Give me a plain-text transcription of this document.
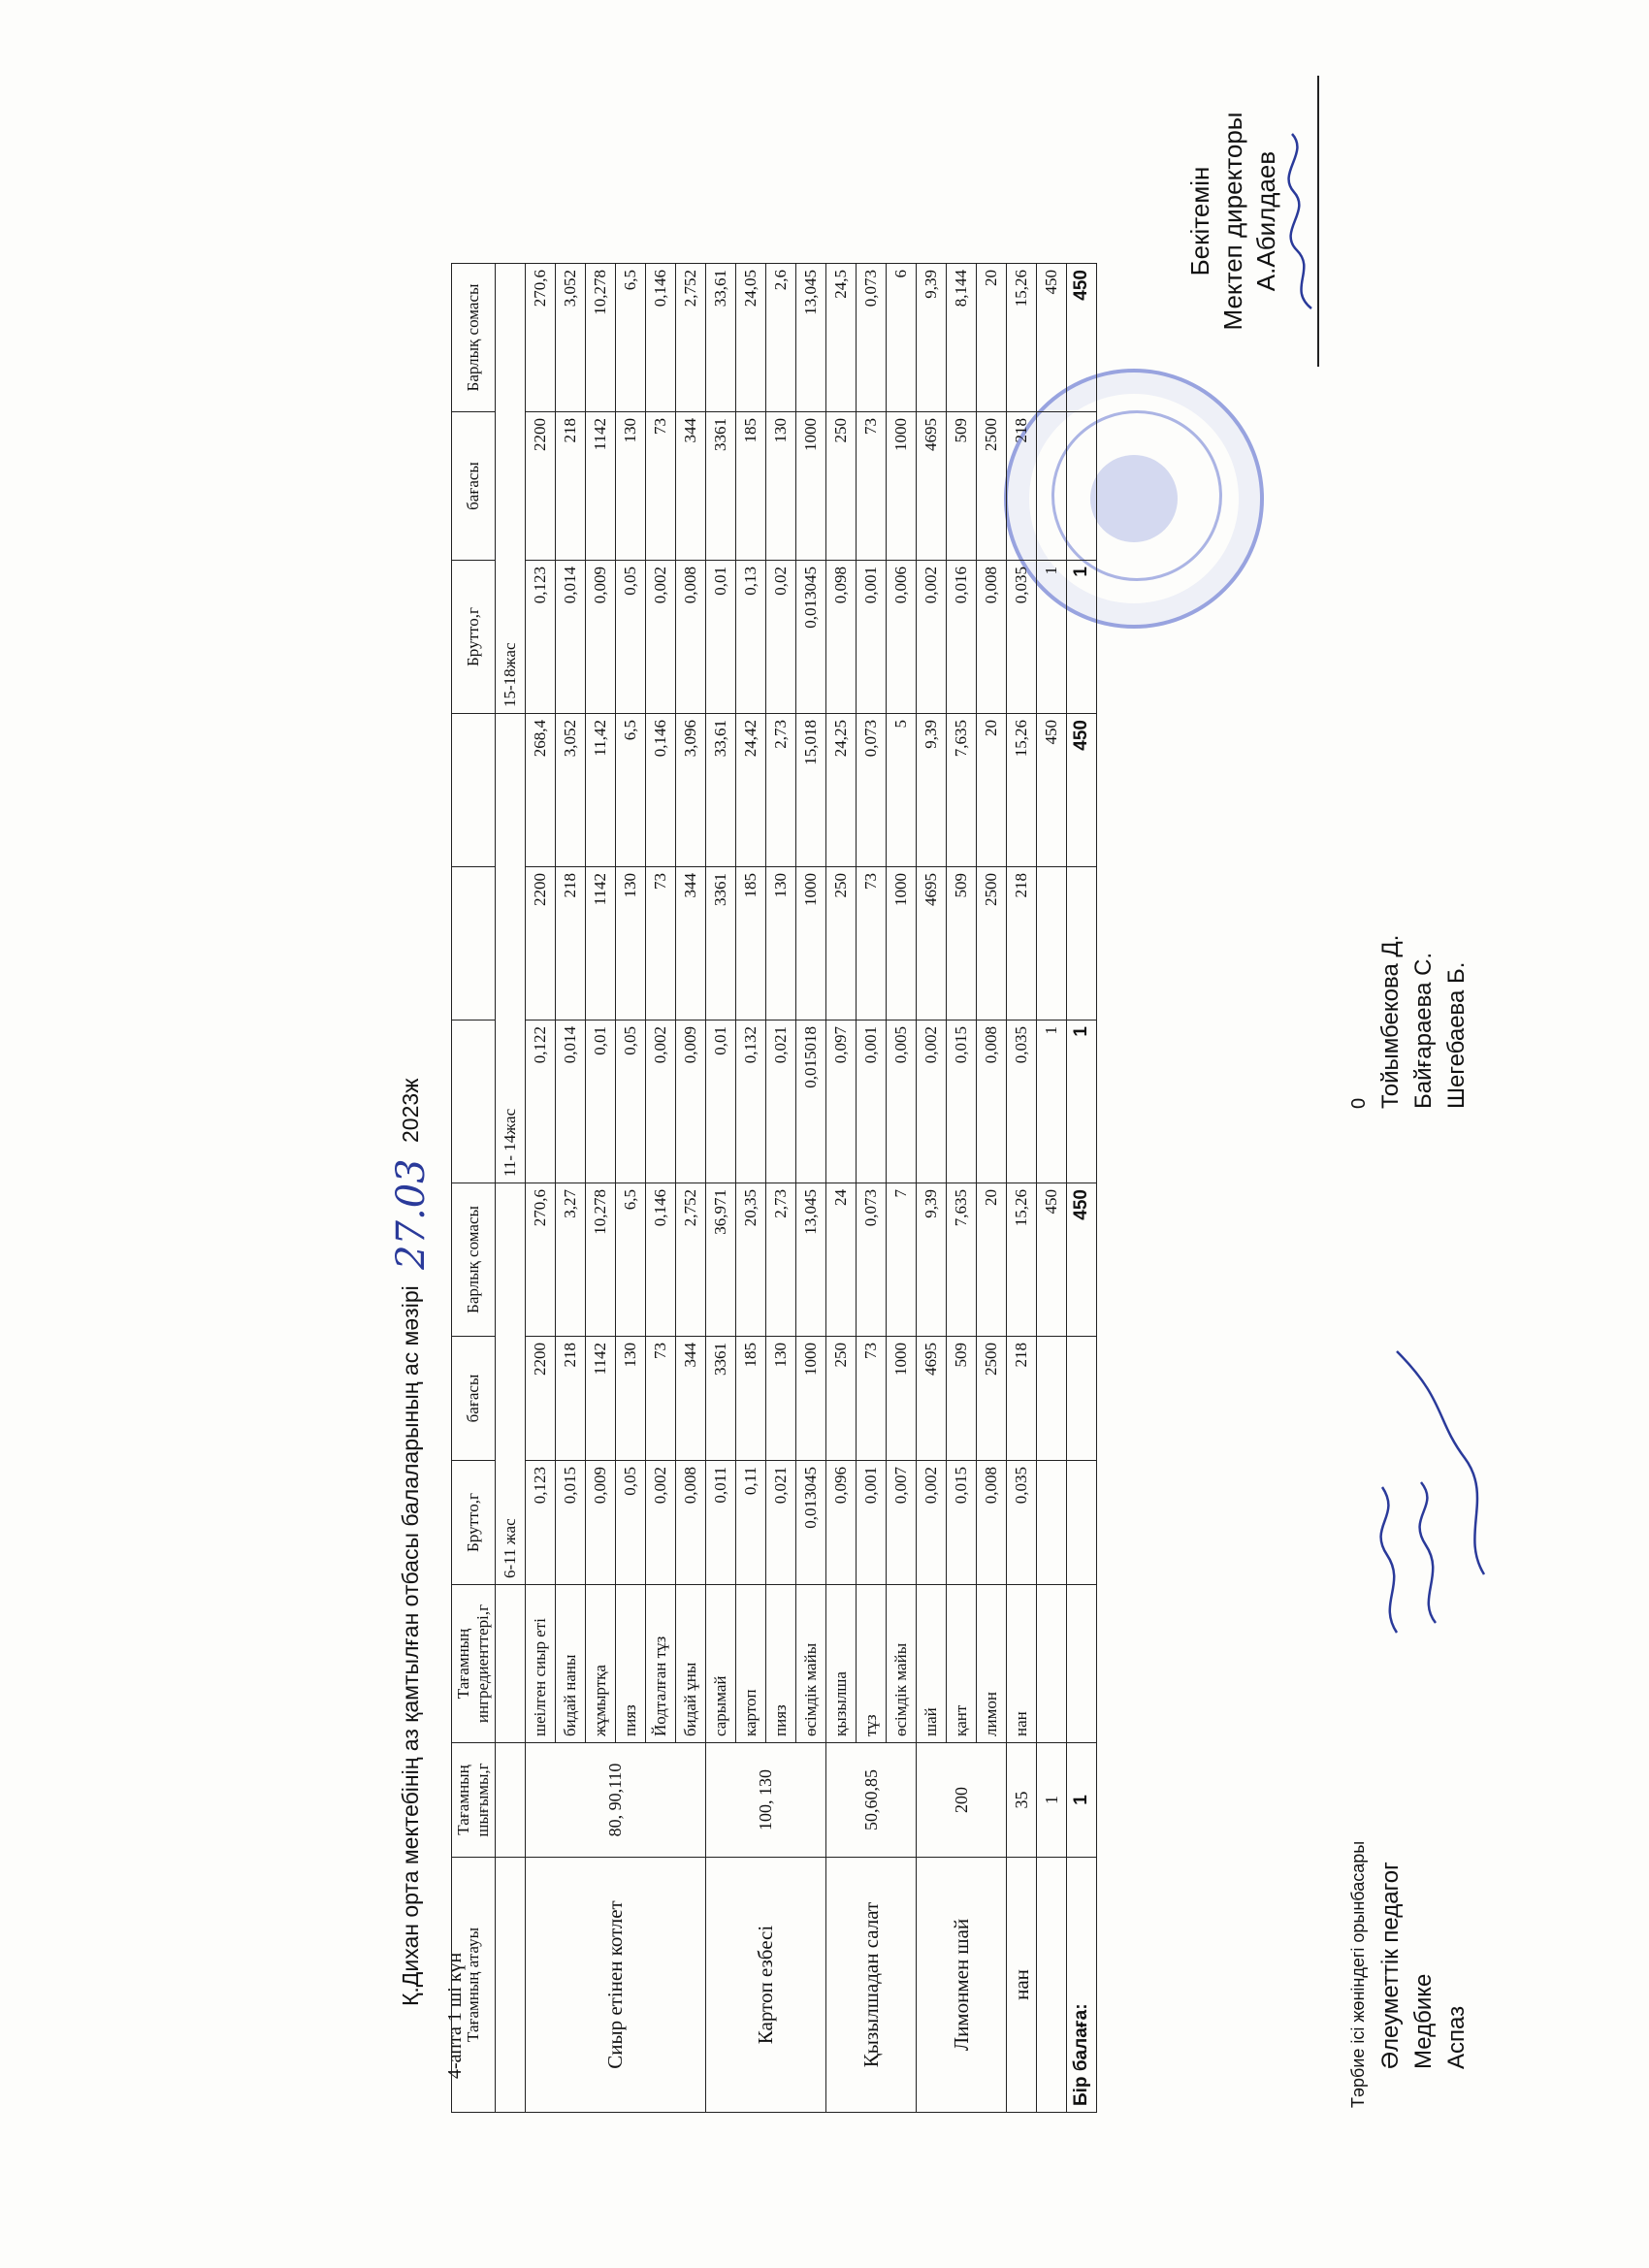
4-апта 1 ші күн
Қ.Дихан орта мектебінің аз қамтылған отбасы балаларының ас мәзірі 27.03 2023ж
Бекітемін Мектеп директоры А.Абилдаев
Тағамның атауы	Тағамның шығымы,г	Тағамның ингредиенттері,г	Брутто,г	бағасы	Барлық сомасы				Брутто,г	бағасы	Барлық сомасы

			6-11 жас			11- 14жас			15-18жас		
Сиыр етінен котлет	80, 90,110	шеілген сиыр еті	0,123	2200	270,6	0,122	2200	268,4	0,123	2200	270,6
		бидай наны	0,015	218	3,27	0,014	218	3,052	0,014	218	3,052
		жұмыртқа	0,009	1142	10,278	0,01	1142	11,42	0,009	1142	10,278
		пияз	0,05	130	6,5	0,05	130	6,5	0,05	130	6,5
		Йодталған тұз	0,002	73	0,146	0,002	73	0,146	0,002	73	0,146
		бидай ұны	0,008	344	2,752	0,009	344	3,096	0,008	344	2,752
Картоп езбесі	100, 130	сарымай	0,011	3361	36,971	0,01	3361	33,61	0,01	3361	33,61
		картоп	0,11	185	20,35	0,132	185	24,42	0,13	185	24,05
		пияз	0,021	130	2,73	0,021	130	2,73	0,02	130	2,6
		өсімдік майы	0,013045	1000	13,045	0,015018	1000	15,018	0,013045	1000	13,045
Қызылшадан салат	50,60,85	қызылша	0,096	250	24	0,097	250	24,25	0,098	250	24,5
		тұз	0,001	73	0,073	0,001	73	0,073	0,001	73	0,073
		өсімдік майы	0,007	1000	7	0,005	1000	5	0,006	1000	6
Лимонмен шай	200	шай	0,002	4695	9,39	0,002	4695	9,39	0,002	4695	9,39
		қант	0,015	509	7,635	0,015	509	7,635	0,016	509	8,144
		лимон	0,008	2500	20	0,008	2500	20	0,008	2500	20
нан	35	нан	0,035	218	15,26	0,035	218	15,26	0,035	218	15,26
	1				450	1		450	1		450
Бір балаға:	1				450	1		450	1		450
Тәрбие ісі жөніндегі орынбасары
0
Әлеуметтік педагог Медбике Аспаз
Тойымбекова Д. Байғараева С. Шегебаева Б.
